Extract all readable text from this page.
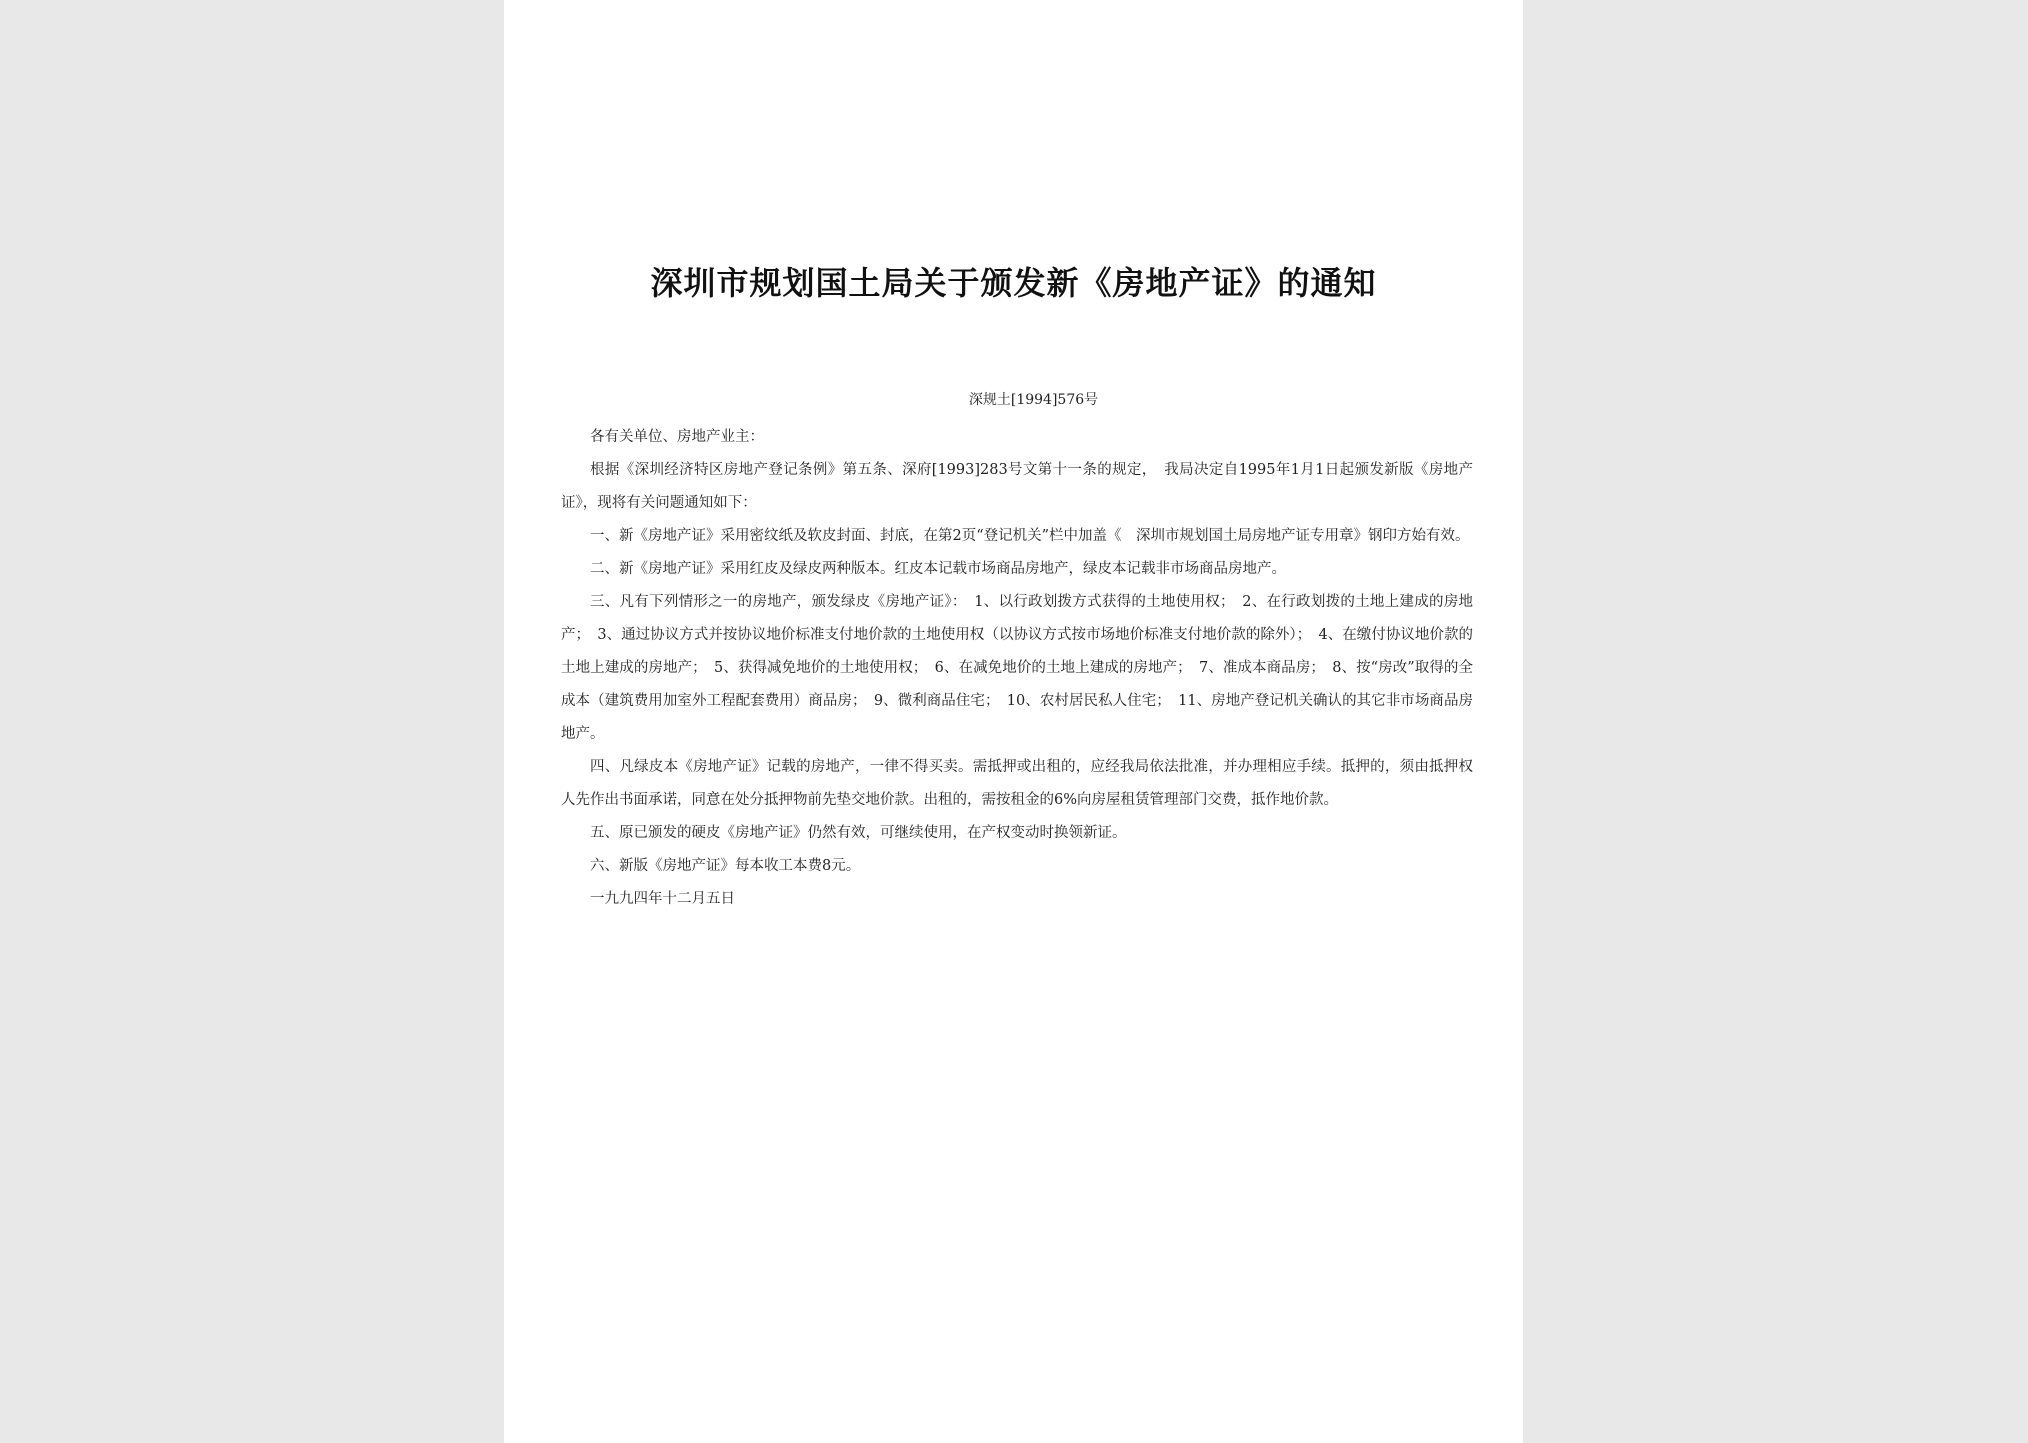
深圳市规划国土局关于颁发新《房地产证》的通知
深规土[1994]576号

各有关单位、房地产业主：

根据《深圳经济特区房地产登记条例》第五条、深府[1993]283号文第十一条的规定，　我局决定自1995年1月1日起颁发新版《房地产证》，现将有关问题通知如下：

一、新《房地产证》采用密纹纸及软皮封面、封底，在第2页“登记机关”栏中加盖《　深圳市规划国土局房地产证专用章》钢印方始有效。

二、新《房地产证》采用红皮及绿皮两种版本。红皮本记载市场商品房地产，绿皮本记载非市场商品房地产。

三、凡有下列情形之一的房地产，颁发绿皮《房地产证》：　1、以行政划拨方式获得的土地使用权；　2、在行政划拨的土地上建成的房地产；　3、通过协议方式并按协议地价标准支付地价款的土地使用权（以协议方式按市场地价标准支付地价款的除外）；　4、在缴付协议地价款的土地上建成的房地产；　5、获得减免地价的土地使用权；　6、在减免地价的土地上建成的房地产；　7、准成本商品房；　8、按“房改”取得的全成本（建筑费用加室外工程配套费用）商品房；　9、微利商品住宅；　10、农村居民私人住宅；　11、房地产登记机关确认的其它非市场商品房地产。

四、凡绿皮本《房地产证》记载的房地产，一律不得买卖。需抵押或出租的，应经我局依法批准，并办理相应手续。抵押的，须由抵押权人先作出书面承诺，同意在处分抵押物前先垫交地价款。出租的，需按租金的6%向房屋租赁管理部门交费，抵作地价款。

五、原已颁发的硬皮《房地产证》仍然有效，可继续使用，在产权变动时换领新证。

六、新版《房地产证》每本收工本费8元。

一九九四年十二月五日
